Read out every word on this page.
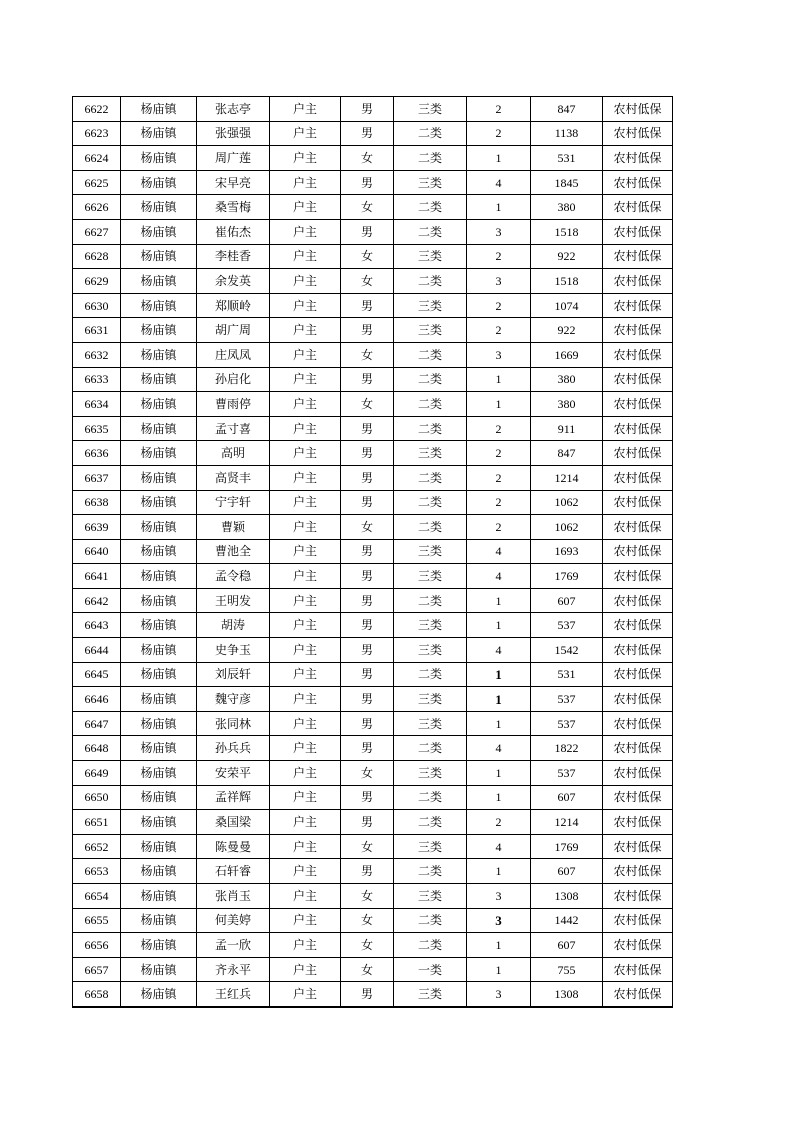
6622	杨庙镇	张志亭	户主	男	三类	2	847	农村低保
6623	杨庙镇	张强强	户主	男	二类	2	1138	农村低保
6624	杨庙镇	周广莲	户主	女	二类	1	531	农村低保
6625	杨庙镇	宋早亮	户主	男	三类	4	1845	农村低保
6626	杨庙镇	桑雪梅	户主	女	二类	1	380	农村低保
6627	杨庙镇	崔佑杰	户主	男	二类	3	1518	农村低保
6628	杨庙镇	李桂香	户主	女	三类	2	922	农村低保
6629	杨庙镇	余发英	户主	女	二类	3	1518	农村低保
6630	杨庙镇	郑顺岭	户主	男	三类	2	1074	农村低保
6631	杨庙镇	胡广周	户主	男	三类	2	922	农村低保
6632	杨庙镇	庄凤凤	户主	女	二类	3	1669	农村低保
6633	杨庙镇	孙启化	户主	男	二类	1	380	农村低保
6634	杨庙镇	曹雨停	户主	女	二类	1	380	农村低保
6635	杨庙镇	孟寸喜	户主	男	二类	2	911	农村低保
6636	杨庙镇	高明	户主	男	三类	2	847	农村低保
6637	杨庙镇	高贤丰	户主	男	二类	2	1214	农村低保
6638	杨庙镇	宁宇轩	户主	男	二类	2	1062	农村低保
6639	杨庙镇	曹颖	户主	女	二类	2	1062	农村低保
6640	杨庙镇	曹池全	户主	男	三类	4	1693	农村低保
6641	杨庙镇	孟令稳	户主	男	三类	4	1769	农村低保
6642	杨庙镇	王明发	户主	男	二类	1	607	农村低保
6643	杨庙镇	胡涛	户主	男	三类	1	537	农村低保
6644	杨庙镇	史争玉	户主	男	三类	4	1542	农村低保
6645	杨庙镇	刘辰轩	户主	男	二类	1	531	农村低保
6646	杨庙镇	魏守彦	户主	男	三类	1	537	农村低保
6647	杨庙镇	张同林	户主	男	三类	1	537	农村低保
6648	杨庙镇	孙兵兵	户主	男	二类	4	1822	农村低保
6649	杨庙镇	安荣平	户主	女	三类	1	537	农村低保
6650	杨庙镇	孟祥辉	户主	男	二类	1	607	农村低保
6651	杨庙镇	桑国梁	户主	男	二类	2	1214	农村低保
6652	杨庙镇	陈曼曼	户主	女	三类	4	1769	农村低保
6653	杨庙镇	石轩睿	户主	男	二类	1	607	农村低保
6654	杨庙镇	张肖玉	户主	女	三类	3	1308	农村低保
6655	杨庙镇	何美婷	户主	女	二类	3	1442	农村低保
6656	杨庙镇	孟一欣	户主	女	二类	1	607	农村低保
6657	杨庙镇	齐永平	户主	女	一类	1	755	农村低保
6658	杨庙镇	王红兵	户主	男	三类	3	1308	农村低保
